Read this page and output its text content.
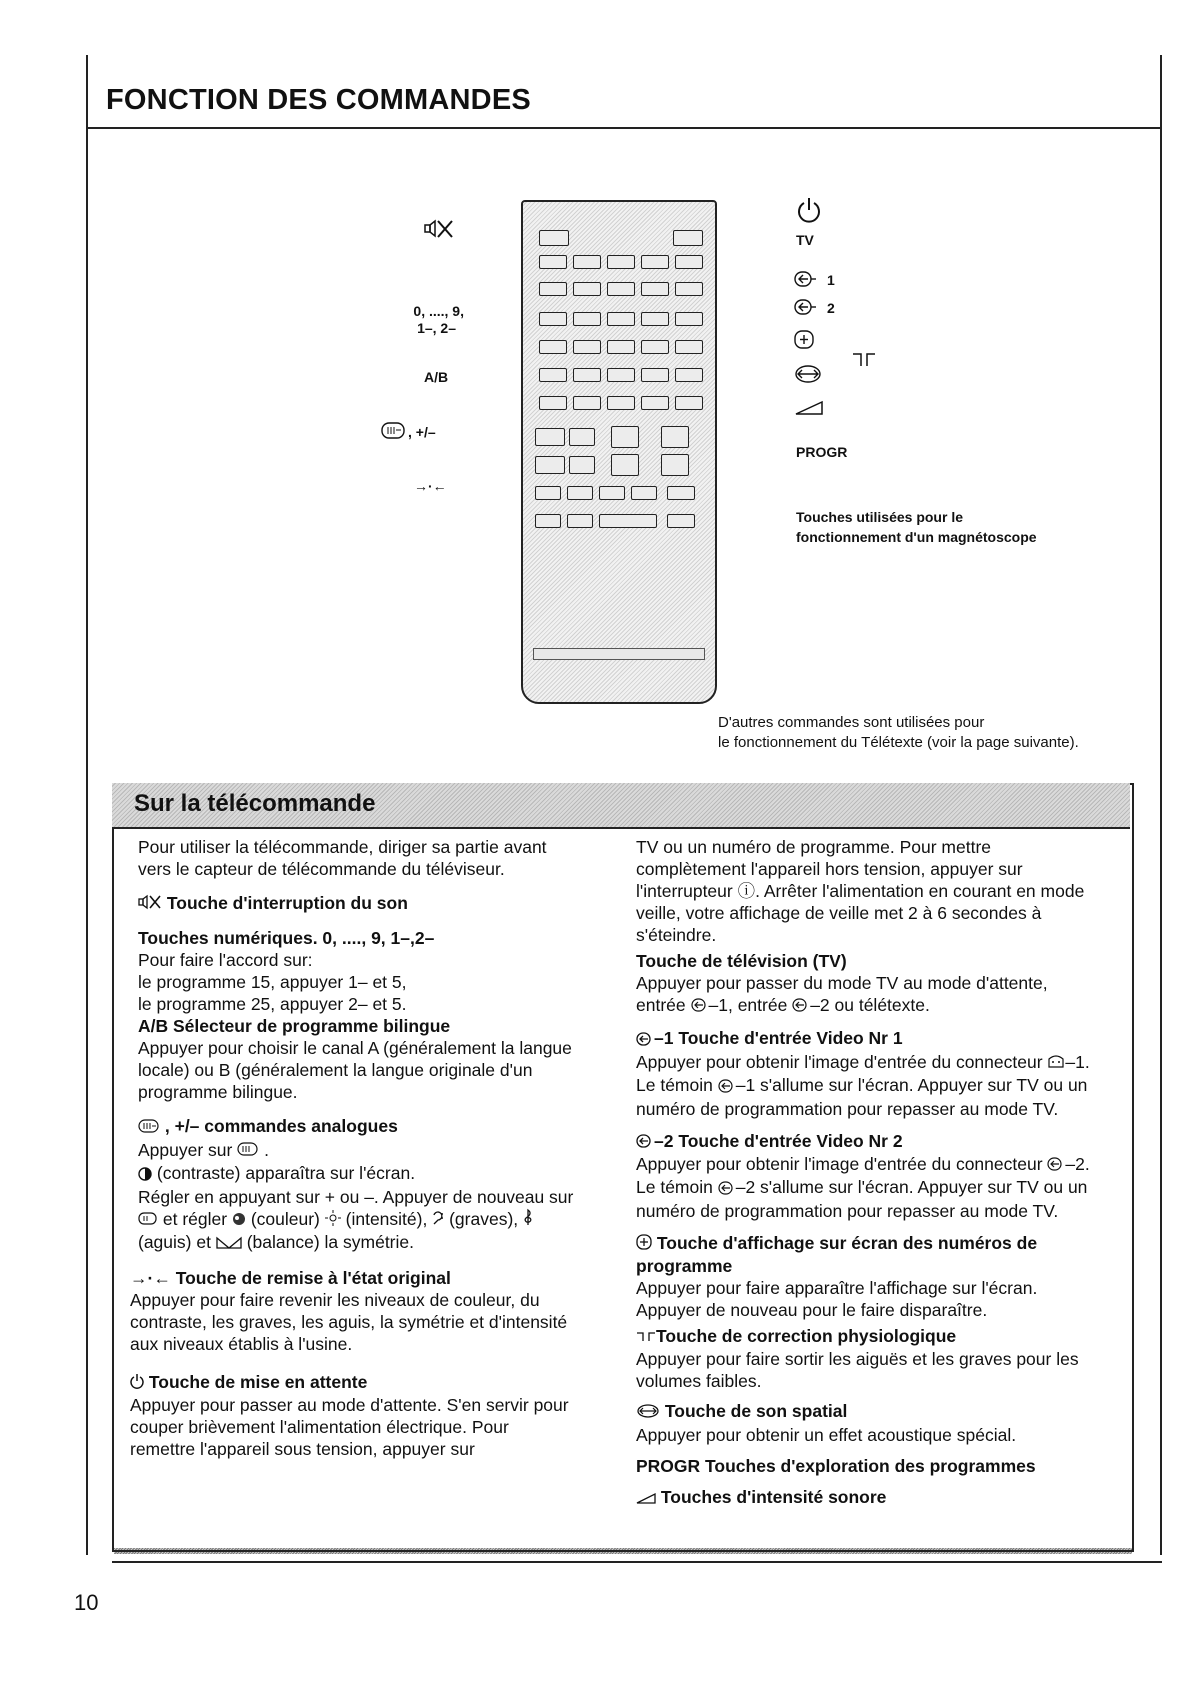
FONCTION DES COMMANDES
0, ...., 9,
1–, 2–
A/B
, +/–
→·←
TV
1
2
PROGR
Touches utilisées pour le
fonctionnement d'un magnétoscope
D'autres commandes sont utilisées pour
le fonctionnement du Télétexte (voir la page suivante).
Sur la télécommande

Pour utiliser la télécommande, diriger sa partie avant vers le capteur de télécommande du téléviseur.

Touche d'interruption du son

Touches numériques. 0, ...., 9, 1–,2–

Pour faire l'accord sur:

le programme 15, appuyer 1– et 5,

le programme 25, appuyer 2– et 5.

A/B Sélecteur de programme bilingue

Appuyer pour choisir le canal A (généralement la langue locale) ou B (généralement la langue originale d'un programme bilingue.

, +/– commandes analogues

Appuyer sur  .

(contraste) apparaîtra sur l'écran.

Régler en appuyant sur + ou –. Appuyer de nouveau sur  et régler (couleur) (intensité), (graves),  (aguis) et (balance) la symétrie.

→·← Touche de remise à l'état original

Appuyer pour faire revenir les niveaux de couleur, du contraste, les graves, les aguis, la symétrie et d'intensité aux niveaux établis à l'usine.

Touche de mise en attente

Appuyer pour passer au mode d'attente. S'en servir pour couper brièvement l'alimentation électrique. Pour remettre l'appareil sous tension, appuyer sur

TV ou un numéro de programme. Pour mettre complètement l'appareil hors tension, appuyer sur l'interrupteur ⓘ. Arrêter l'alimentation en courant en mode veille, votre affichage de veille met 2 à 6 secondes à s'éteindre.

Touche de télévision (TV)

Appuyer pour passer du mode TV au mode d'attente, entrée –1, entrée –2 ou télétexte.

–1 Touche d'entrée Video Nr 1

Appuyer pour obtenir l'image d'entrée du connecteur –1. Le témoin –1 s'allume sur l'écran. Appuyer sur TV ou un numéro de programmation pour repasser au mode TV.

–2 Touche d'entrée Video Nr 2

Appuyer pour obtenir l'image d'entrée du connecteur –2. Le témoin –2 s'allume sur l'écran. Appuyer sur TV ou un numéro de programmation pour repasser au mode TV.

Touche d'affichage sur écran des numéros de programme

Appuyer pour faire apparaître l'affichage sur l'écran. Appuyer de nouveau pour le faire disparaître.

Touche de correction physiologique

Appuyer pour faire sortir les aiguës et les graves pour les volumes faibles.

Touche de son spatial

Appuyer pour obtenir un effet acoustique spécial.

PROGR Touches d'exploration des programmes

Touches d'intensité sonore

10
